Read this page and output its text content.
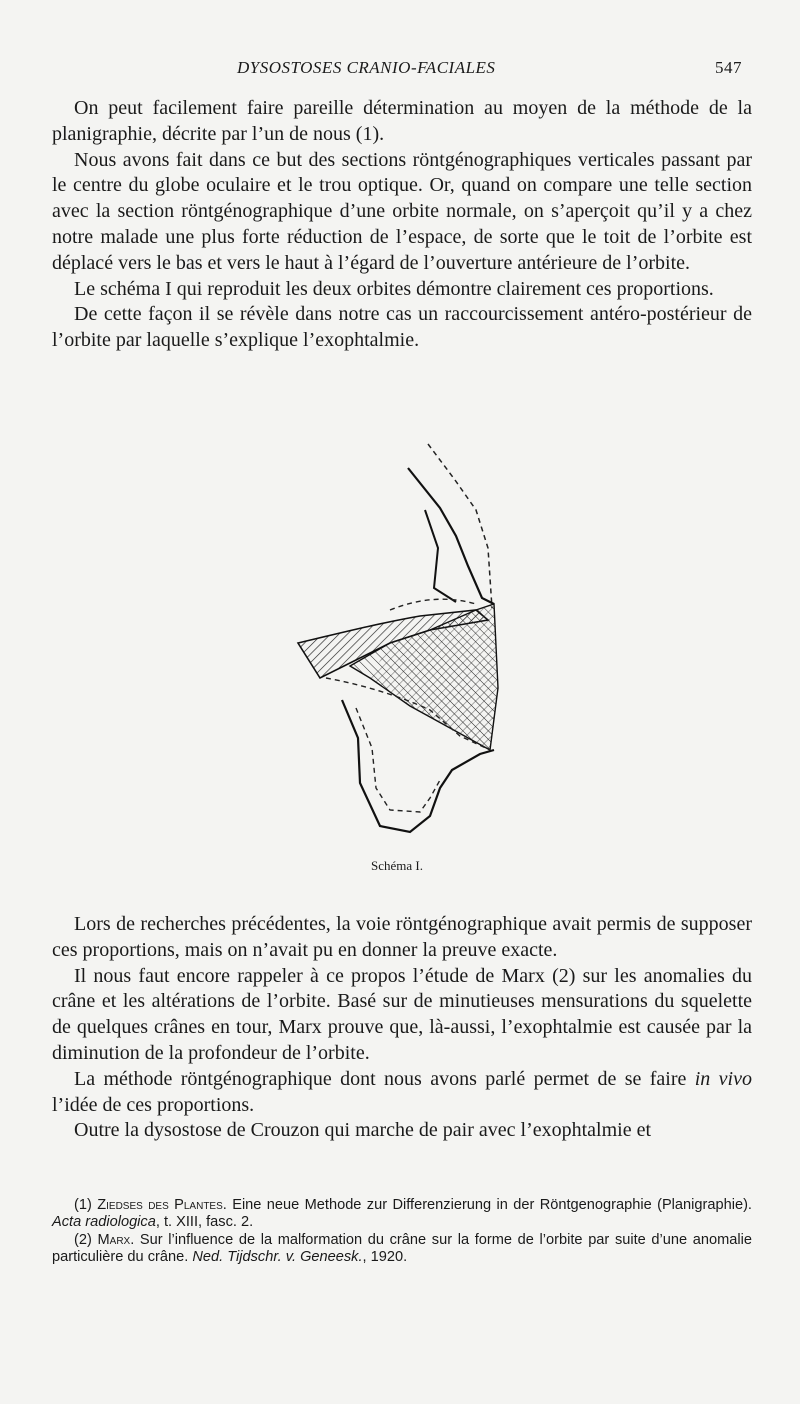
DYSOSTOSES CRANIO-FACIALES	547

On peut facilement faire pareille détermination au moyen de la méthode de la planigraphie, décrite par l’un de nous (1).

Nous avons fait dans ce but des sections röntgénographiques verticales passant par le centre du globe oculaire et le trou optique. Or, quand on compare une telle section avec la section röntgénographique d’une orbite normale, on s’aperçoit qu’il y a chez notre malade une plus forte réduction de l’espace, de sorte que le toit de l’orbite est déplacé vers le bas et vers le haut à l’égard de l’ouverture antérieure de l’orbite.

Le schéma I qui reproduit les deux orbites démontre clairement ces proportions.

De cette façon il se révèle dans notre cas un raccourcissement antéro-postérieur de l’orbite par laquelle s’explique l’exophtalmie.

Schéma I.

Lors de recherches précédentes, la voie röntgénographique avait permis de supposer ces proportions, mais on n’avait pu en donner la preuve exacte.

Il nous faut encore rappeler à ce propos l’étude de Marx (2) sur les anomalies du crâne et les altérations de l’orbite. Basé sur de minutieuses mensurations du squelette de quelques crânes en tour, Marx prouve que, là-aussi, l’exophtalmie est causée par la diminution de la profondeur de l’orbite.

La méthode röntgénographique dont nous avons parlé permet de se faire in vivo l’idée de ces proportions.

Outre la dysostose de Crouzon qui marche de pair avec l’exophtalmie et

(1) Ziedses des Plantes. Eine neue Methode zur Differenzierung in der Röntgenographie (Planigraphie). Acta radiologica, t. XIII, fasc. 2.

(2) Marx. Sur l’influence de la malformation du crâne sur la forme de l’orbite par suite d’une anomalie particulière du crâne. Ned. Tijdschr. v. Geneesk., 1920.
